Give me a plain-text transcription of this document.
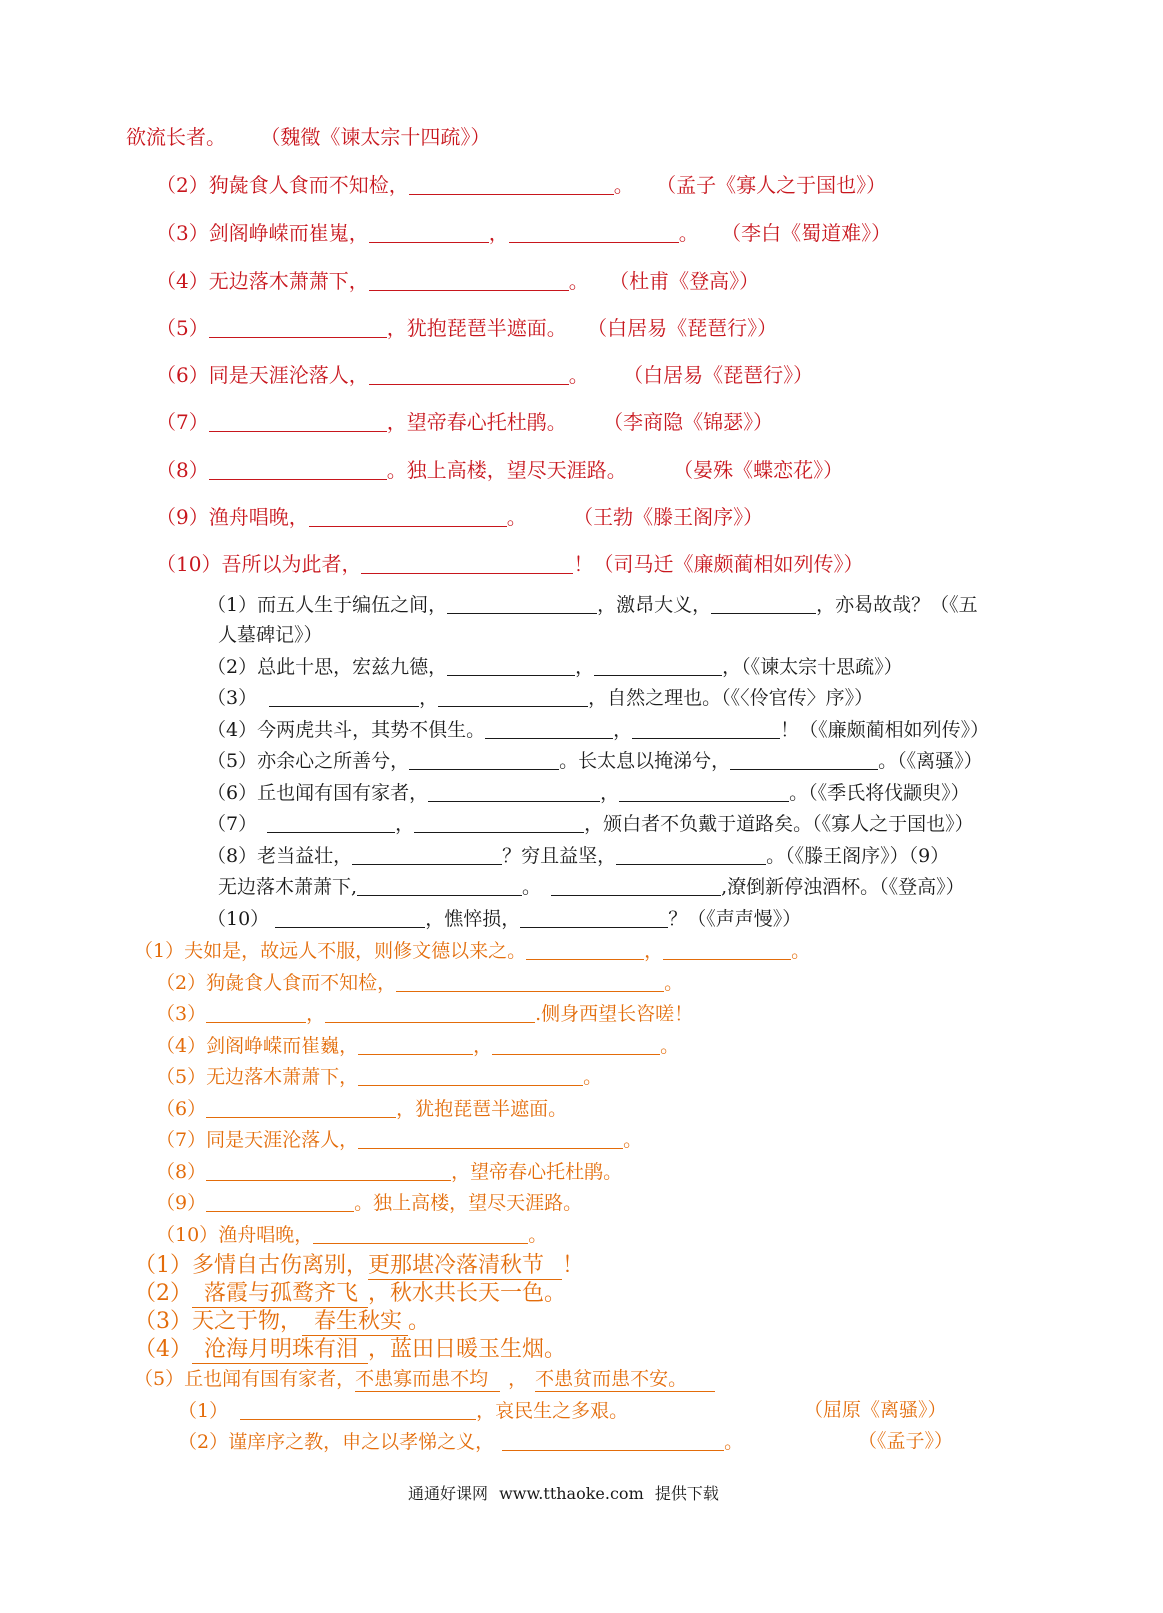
欲流长者。 （魏徵《谏太宗十四疏》）
（2）狗彘食人食而不知检，	。 （孟子《寡人之于国也》）
（3）剑阁峥嵘而崔嵬，	，	。 （李白《蜀道难》）
（4）无边落木萧萧下，	。 （杜甫《登高》）
（5）	，犹抱琵琶半遮面。 （白居易《琵琶行》）
（6）同是天涯沦落人，	。 （白居易《琵琶行》）
（7）	，望帝春心托杜鹃。 （李商隐《锦瑟》）
（8）	。独上高楼，望尽天涯路。 （晏殊《蝶恋花》）
（9）渔舟唱晚，	。 （王勃《滕王阁序》）
（10）吾所以为此者，	！（司马迁《廉颇蔺相如列传》）
（1）而五人生于编伍之间，	，激昂大义，	，亦曷故哉？（《五
人墓碑记》）
（2）总此十思，宏兹九德，	，	，（《谏太宗十思疏》）
（3）	，	，自然之理也。（《〈伶官传〉序》）
（4）今两虎共斗，其势不俱生。	，	！（《廉颇蔺相如列传》）
（5）亦余心之所善兮，	。长太息以掩涕兮，	。（《离骚》）
（6）丘也闻有国有家者，	，	。（《季氏将伐颛臾》）
（7）	，	，颁白者不负戴于道路矣。（《寡人之于国也》）
（8）老当益壮，	？穷且益坚，	。（《滕王阁序》）（9）
无边落木萧萧下,	。	,潦倒新停浊酒杯。（《登高》）
（10）	，憔悴损，	？（《声声慢》）
（1）夫如是，故远人不服，则修文德以来之。	，	。
（2）狗彘食人食而不知检，	。
（3）	，	.侧身西望长咨嗟！
（4）剑阁峥嵘而崔巍，	，	。
（5）无边落木萧萧下，	。
（6）	，犹抱琵琶半遮面。
（7）同是天涯沦落人，	。
（8）	，望帝春心托杜鹃。
（9）	。独上高楼，望尽天涯路。
（10）渔舟唱晚，	。
（1）多情自古伤离别，更那堪冷落清秋节 ！
（2） 落霞与孤鹜齐飞 ，秋水共长天一色。
（3）天之于物， 春生秋实 。
（4） 沧海月明珠有泪 ，蓝田日暖玉生烟。
（5）丘也闻有国有家者，不患寡而患不均 ， 不患贫而患不安。
（1）	，哀民生之多艰。	（屈原《离骚》）
（2）谨庠序之教，申之以孝悌之义，	。	（《孟子》）
通通好课网 www.tthaoke.com 提供下载
